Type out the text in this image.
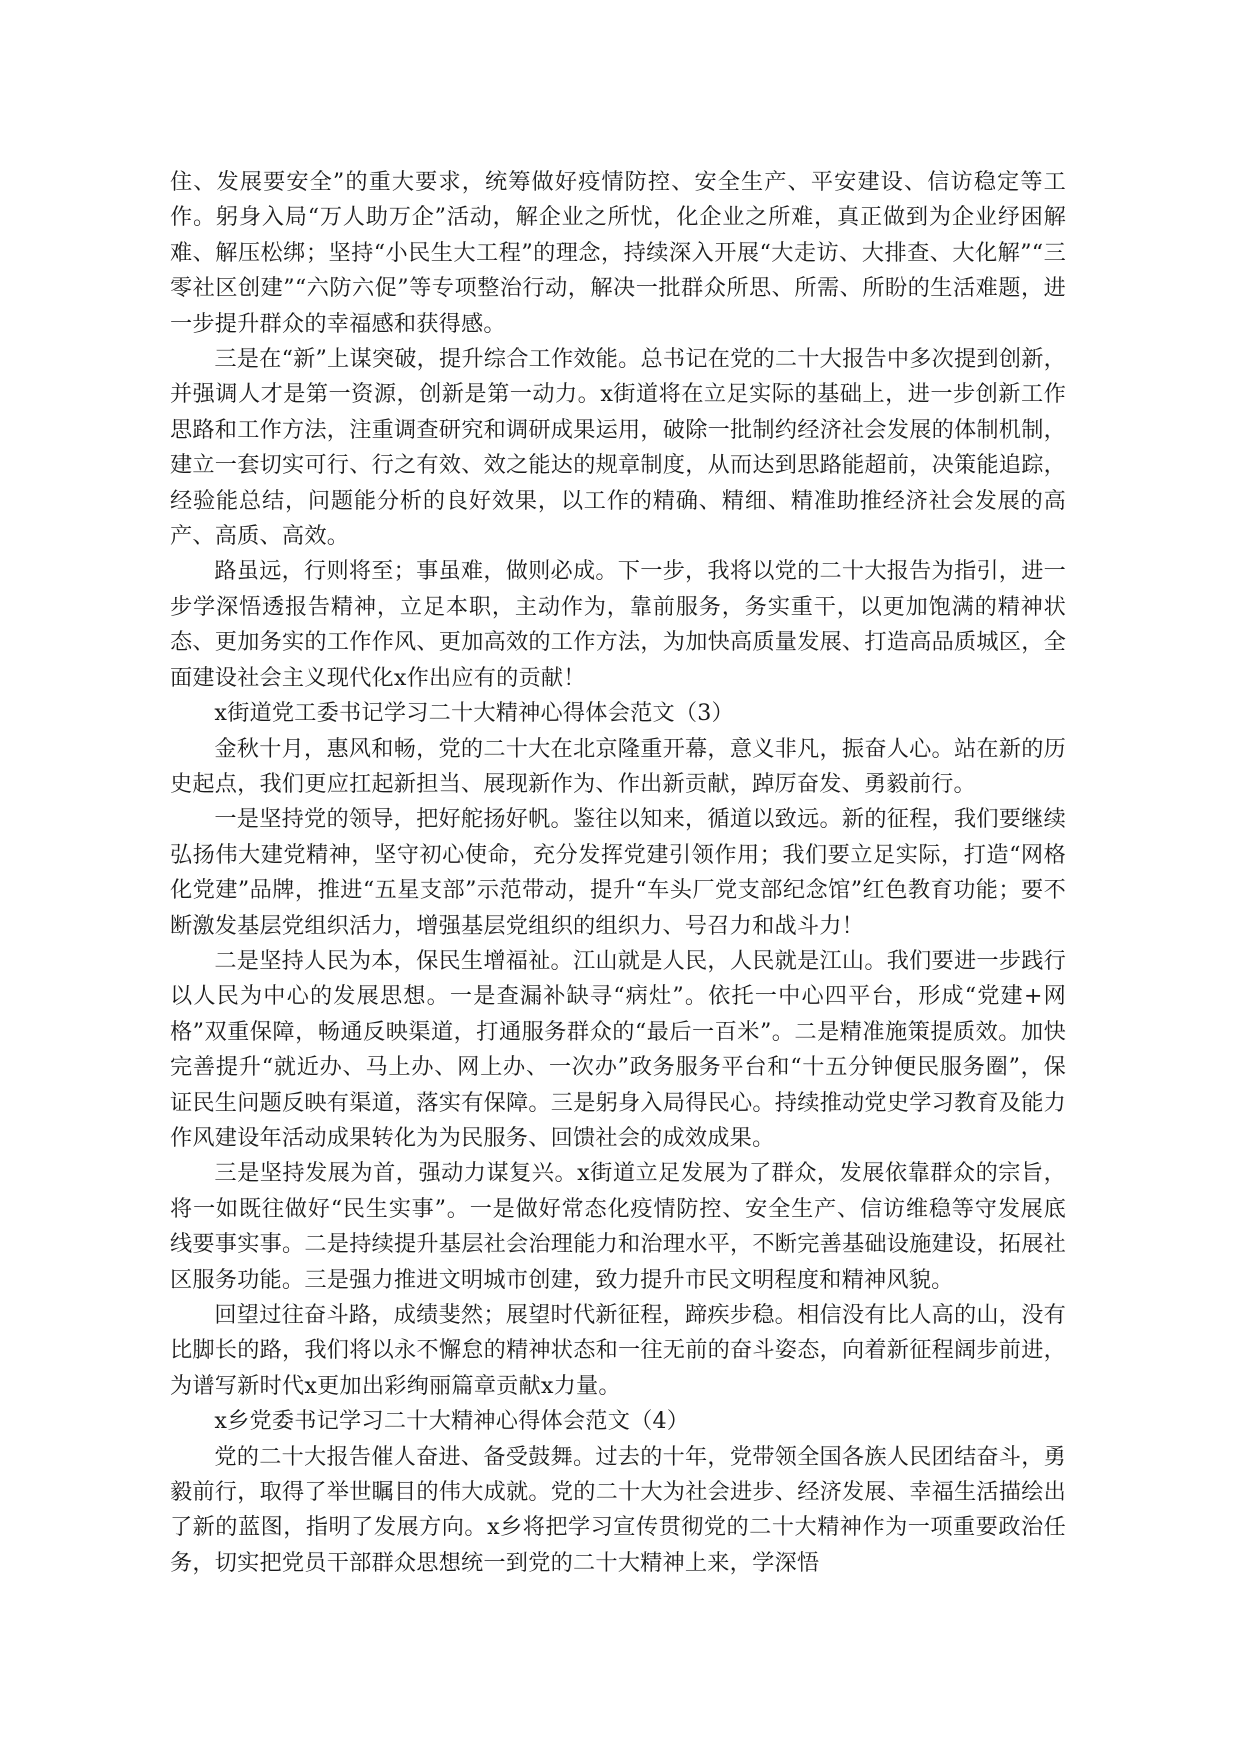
住、发展要安全”的重大要求，统筹做好疫情防控、安全生产、平安建设、信访稳定等工作。躬身入局“万人助万企”活动，解企业之所忧，化企业之所难，真正做到为企业纾困解难、解压松绑；坚持“小民生大工程”的理念，持续深入开展“大走访、大排查、大化解”“三零社区创建”“六防六促”等专项整治行动，解决一批群众所思、所需、所盼的生活难题，进一步提升群众的幸福感和获得感。

三是在“新”上谋突破，提升综合工作效能。总书记在党的二十大报告中多次提到创新，并强调人才是第一资源，创新是第一动力。x街道将在立足实际的基础上，进一步创新工作思路和工作方法，注重调查研究和调研成果运用，破除一批制约经济社会发展的体制机制，建立一套切实可行、行之有效、效之能达的规章制度，从而达到思路能超前，决策能追踪，经验能总结，问题能分析的良好效果，以工作的精确、精细、精准助推经济社会发展的高产、高质、高效。

路虽远，行则将至；事虽难，做则必成。下一步，我将以党的二十大报告为指引，进一步学深悟透报告精神，立足本职，主动作为，靠前服务，务实重干，以更加饱满的精神状态、更加务实的工作作风、更加高效的工作方法，为加快高质量发展、打造高品质城区，全面建设社会主义现代化x作出应有的贡献！

x街道党工委书记学习二十大精神心得体会范文（3）

金秋十月，惠风和畅，党的二十大在北京隆重开幕，意义非凡，振奋人心。站在新的历史起点，我们更应扛起新担当、展现新作为、作出新贡献，踔厉奋发、勇毅前行。

一是坚持党的领导，把好舵扬好帆。鉴往以知来，循道以致远。新的征程，我们要继续弘扬伟大建党精神，坚守初心使命，充分发挥党建引领作用；我们要立足实际，打造“网格化党建”品牌，推进“五星支部”示范带动，提升“车头厂党支部纪念馆”红色教育功能；要不断激发基层党组织活力，增强基层党组织的组织力、号召力和战斗力！

二是坚持人民为本，保民生增福祉。江山就是人民，人民就是江山。我们要进一步践行以人民为中心的发展思想。一是查漏补缺寻“病灶”。依托一中心四平台，形成“党建+网格”双重保障，畅通反映渠道，打通服务群众的“最后一百米”。二是精准施策提质效。加快完善提升“就近办、马上办、网上办、一次办”政务服务平台和“十五分钟便民服务圈”，保证民生问题反映有渠道，落实有保障。三是躬身入局得民心。持续推动党史学习教育及能力作风建设年活动成果转化为为民服务、回馈社会的成效成果。

三是坚持发展为首，强动力谋复兴。x街道立足发展为了群众，发展依靠群众的宗旨，将一如既往做好“民生实事”。一是做好常态化疫情防控、安全生产、信访维稳等守发展底线要事实事。二是持续提升基层社会治理能力和治理水平，不断完善基础设施建设，拓展社区服务功能。三是强力推进文明城市创建，致力提升市民文明程度和精神风貌。

回望过往奋斗路，成绩斐然；展望时代新征程，蹄疾步稳。相信没有比人高的山，没有比脚长的路，我们将以永不懈怠的精神状态和一往无前的奋斗姿态，向着新征程阔步前进，为谱写新时代x更加出彩绚丽篇章贡献x力量。

x乡党委书记学习二十大精神心得体会范文（4）

党的二十大报告催人奋进、备受鼓舞。过去的十年，党带领全国各族人民团结奋斗，勇毅前行，取得了举世瞩目的伟大成就。党的二十大为社会进步、经济发展、幸福生活描绘出了新的蓝图，指明了发展方向。x乡将把学习宣传贯彻党的二十大精神作为一项重要政治任务，切实把党员干部群众思想统一到党的二十大精神上来，学深悟
